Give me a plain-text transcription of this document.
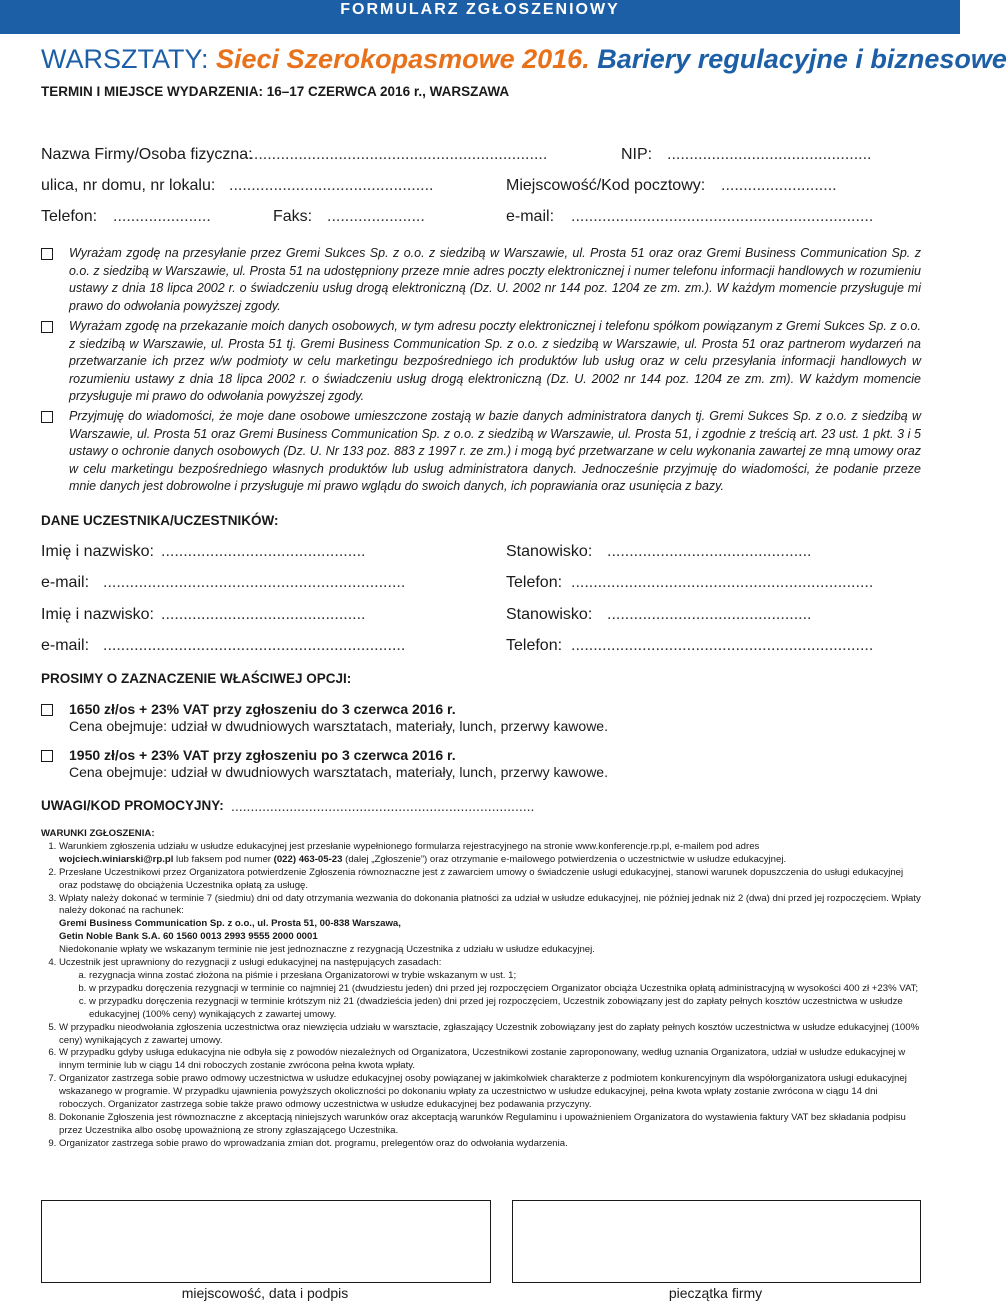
FORMULARZ ZGŁOSZENIOWY
WARSZTATY: Sieci Szerokopasmowe 2016. Bariery regulacyjne i biznesowe
TERMIN I MIEJSCE WYDARZENIA: 16–17 CZERWCA 2016 r., WARSZAWA
Nazwa Firmy/Osoba fizyczna:
....................................................................	NIP: ..............................................
ulica, nr domu, nr lokalu: ..............................................	Miejscowość/Kod pocztowy: ..........................
Telefon: ......................	Faks: ......................	e-mail: ....................................................................
Wyrażam zgodę na przesyłanie przez Gremi Sukces Sp. z o.o. z siedzibą w Warszawie, ul. Prosta 51 oraz oraz Gremi Business Communication Sp. z o.o. z siedzibą w Warszawie, ul. Prosta 51 na udostępniony przeze mnie adres poczty elektronicznej i numer telefonu informacji handlowych w rozumieniu ustawy z dnia 18 lipca 2002 r. o świadczeniu usług drogą elektroniczną (Dz. U. 2002 nr 144 poz. 1204 ze zm. zm.). W każdym momencie przysługuje mi prawo do odwołania powyższej zgody.
Wyrażam zgodę na przekazanie moich danych osobowych, w tym adresu poczty elektronicznej i telefonu spółkom powiązanym z Gremi Sukces Sp. z o.o. z siedzibą w Warszawie, ul. Prosta 51 tj. Gremi Business Communication Sp. z o.o. z siedzibą w Warszawie, ul. Prosta 51 oraz partnerom wydarzeń na przetwarzanie ich przez w/w podmioty w celu marketingu bezpośredniego ich produktów lub usług oraz w celu przesyłania informacji handlowych w rozumieniu ustawy z dnia 18 lipca 2002 r. o świadczeniu usług drogą elektroniczną (Dz. U. 2002 nr 144 poz. 1204 ze zm. zm). W każdym momencie przysługuje mi prawo do odwołania powyższej zgody.
Przyjmuję do wiadomości, że moje dane osobowe umieszczone zostają w bazie danych administratora danych tj. Gremi Sukces Sp. z o.o. z siedzibą w Warszawie, ul. Prosta 51 oraz Gremi Business Communication Sp. z o.o. z siedzibą w Warszawie, ul. Prosta 51, i zgodnie z treścią art. 23 ust. 1 pkt. 3 i 5 ustawy o ochronie danych osobowych (Dz. U. Nr 133 poz. 883 z 1997 r. ze zm.) i mogą być przetwarzane w celu wykonania zawartej ze mną umowy oraz w celu marketingu bezpośredniego własnych produktów lub usług administratora danych. Jednocześnie przyjmuję do wiadomości, że podanie przeze mnie danych jest dobrowolne i przysługuje mi prawo wglądu do swoich danych, ich poprawiania oraz usunięcia z bazy.
DANE UCZESTNIKA/UCZESTNIKÓW:
Imię i nazwisko: ..............................................	Stanowisko: ..............................................
e-mail: ....................................................................	Telefon: ....................................................................
Imię i nazwisko: ..............................................	Stanowisko: ..............................................
e-mail: ....................................................................	Telefon: ....................................................................
PROSIMY O ZAZNACZENIE WŁAŚCIWEJ OPCJI:
1650 zł/os + 23% VAT przy zgłoszeniu do 3 czerwca 2016 r.
Cena obejmuje: udział w dwudniowych warsztatach, materiały, lunch, przerwy kawowe.
1950 zł/os + 23% VAT przy zgłoszeniu po 3 czerwca 2016 r.
Cena obejmuje: udział w dwudniowych warsztatach, materiały, lunch, przerwy kawowe.
UWAGI/KOD PROMOCYJNY: ..............................................................................
WARUNKI ZGŁOSZENIA:
1. Warunkiem zgłoszenia udziału w usłudze edukacyjnej jest przesłanie wypełnionego formularza rejestracyjnego na stronie www.konferencje.rp.pl, e-mailem pod adres
wojciech.winiarski@rp.pl lub faksem pod numer (022) 463-05-23 (dalej „Zgłoszenie”) oraz otrzymanie e-mailowego potwierdzenia o uczestnictwie w usłudze edukacyjnej.
2. Przesłane Uczestnikowi przez Organizatora potwierdzenie Zgłoszenia równoznaczne jest z zawarciem umowy o świadczenie usługi edukacyjnej, stanowi warunek dopuszczenia do usługi edukacyjnej oraz podstawę do obciążenia Uczestnika opłatą za usługę.
3. Wpłaty należy dokonać w terminie 7 (siedmiu) dni od daty otrzymania wezwania do dokonania płatności za udział w usłudze edukacyjnej, nie później jednak niż 2 (dwa) dni przed jej rozpoczęciem. Wpłaty należy dokonać na rachunek:
Gremi Business Communication Sp. z o.o., ul. Prosta 51, 00-838 Warszawa,
Getin Noble Bank S.A. 60 1560 0013 2993 9555 2000 0001
Niedokonanie wpłaty we wskazanym terminie nie jest jednoznaczne z rezygnacją Uczestnika z udziału w usłudze edukacyjnej.
4. Uczestnik jest uprawniony do rezygnacji z usługi edukacyjnej na następujących zasadach:
a. rezygnacja winna zostać złożona na piśmie i przesłana Organizatorowi w trybie wskazanym w ust. 1;
b. w przypadku doręczenia rezygnacji w terminie co najmniej 21 (dwudziestu jeden) dni przed jej rozpoczęciem Organizator obciąża Uczestnika opłatą administracyjną w wysokości 400 zł +23% VAT;
c. w przypadku doręczenia rezygnacji w terminie krótszym niż 21 (dwadzieścia jeden) dni przed jej rozpoczęciem, Uczestnik zobowiązany jest do zapłaty pełnych kosztów uczestnictwa w usłudze edukacyjnej (100% ceny) wynikających z zawartej umowy.
5. W przypadku nieodwołania zgłoszenia uczestnictwa oraz niewzięcia udziału w warsztacie, zgłaszający Uczestnik zobowiązany jest do zapłaty pełnych kosztów uczestnictwa w usłudze edukacyjnej (100% ceny) wynikających z zawartej umowy.
6. W przypadku gdyby usługa edukacyjna nie odbyła się z powodów niezależnych od Organizatora, Uczestnikowi zostanie zaproponowany, według uznania Organizatora, udział w usłudze edukacyjnej w innym terminie lub w ciągu 14 dni roboczych zostanie zwrócona pełna kwota wpłaty.
7. Organizator zastrzega sobie prawo odmowy uczestnictwa w usłudze edukacyjnej osoby powiązanej w jakimkolwiek charakterze z podmiotem konkurencyjnym dla współorganizatora usługi edukacyjnej wskazanego w programie. W przypadku ujawnienia powyższych okoliczności po dokonaniu wpłaty za uczestnictwo w usłudze edukacyjnej, pełna kwota wpłaty zostanie zwrócona w ciągu 14 dni roboczych. Organizator zastrzega sobie także prawo odmowy uczestnictwa w usłudze edukacyjnej bez podawania przyczyny.
8. Dokonanie Zgłoszenia jest równoznaczne z akceptacją niniejszych warunków oraz akceptacją warunków Regulaminu i upoważnieniem Organizatora do wystawienia faktury VAT bez składania podpisu przez Uczestnika albo osobę upoważnioną ze strony zgłaszającego Uczestnika.
9. Organizator zastrzega sobie prawo do wprowadzania zmian dot. programu, prelegentów oraz do odwołania wydarzenia.
miejscowość, data i podpis	pieczątka firmy
